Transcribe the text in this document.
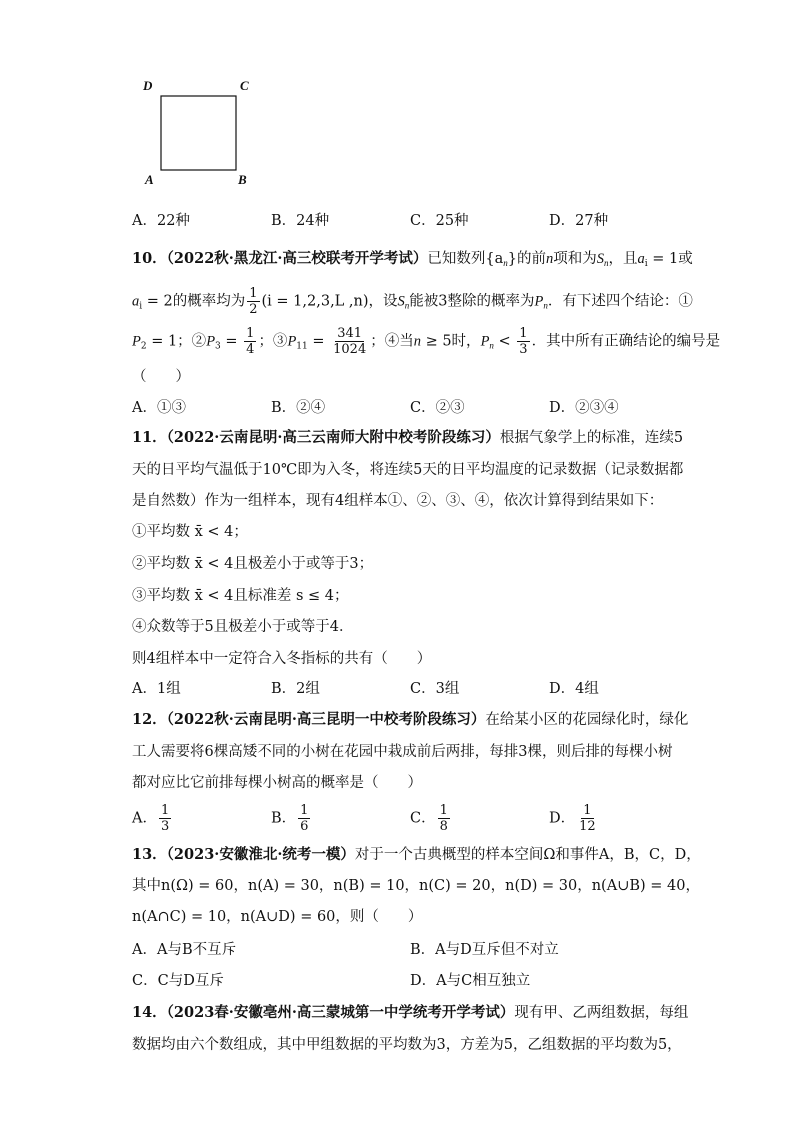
D	C
A	B
A．22种	B．24种	C．25种	D．27种
10．（2022秋·黑龙江·高三校联考开学考试）已知数列$\{a_n\}$的前n项和为$S_n$，且$a_i = 1$或
$a_i = 2$的概率均为 $\frac{1}{2} (i = 1,2,3,L$ ,n)，设$S_n$能被3整除的概率为$P_n$．有下述四个结论：①
$P_2 = 1$；$②P_3 = \frac{1}{4}$ ；$③P_{11} = \frac{341}{1024}$ ；④当n ≥ 5时，$P_n < \frac{1}{3}$ ．其中所有正确结论的编号是
（　　）
A．①③	B．②④	C．②③	D．②③④
11．（2022·云南昆明·高三云南师大附中校考阶段练习）根据气象学上的标准，连续5
天的日平均气温低于10℃即为入冬，将连续5天的日平均温度的记录数据（记录数据都
是自然数）作为一组样本，现有4组样本①、②、③、④，依次计算得到结果如下：
①平均数 x̄ < 4；
②平均数 x̄ < 4且极差小于或等于3；
③平均数 x̄ < 4且标准差 s ≤ 4；
④众数等于5且极差小于或等于4．
则4组样本中一定符合入冬指标的共有（　　）
A．1组	B．2组	C．3组	D．4组
12．（2022秋·云南昆明·高三昆明一中校考阶段练习）在给某小区的花园绿化时，绿化
工人需要将6棵高矮不同的小树在花园中栽成前后两排，每排3棵，则后排的每棵小树
都对应比它前排每棵小树高的概率是（　　）
A． $\frac{1}{3}$	B． $\frac{1}{6}$	C． $\frac{1}{8}$	D． $\frac{1}{12}$
13．（2023·安徽淮北·统考一模）对于一个古典概型的样本空间Ω和事件A，B，C，D，
其中n(Ω) = 60，n(A) = 30，n(B) = 10，n(C) = 20，n(D) = 30，n(A∪B) = 40，
n(A∩C) = 10，n(A∪D) = 60，则（　　）
A．A与B不互斥	B．A与D互斥但不对立
C．C与D互斥	D．A与C相互独立
14．（2023春·安徽亳州·高三蒙城第一中学统考开学考试）现有甲、乙两组数据，每组
数据均由六个数组成，其中甲组数据的平均数为3，方差为5，乙组数据的平均数为5，
